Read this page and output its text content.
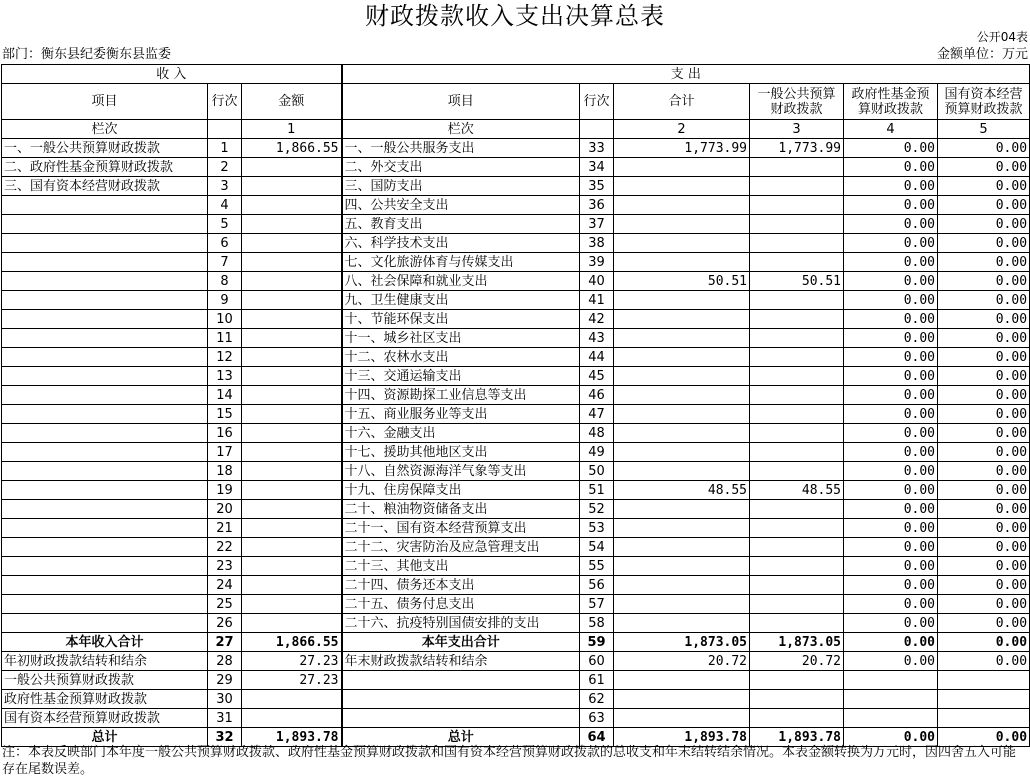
财政拨款收入支出决算总表
公开04表
部门：衡东县纪委衡东县监委	金额单位：万元
收 入			支 出					
项目	行次	金额	项目	行次	合计	一般公共预算财政拨款	政府性基金预算财政拨款	国有资本经营预算财政拨款
栏次		1	栏次		2	3	4	5
一、一般公共预算财政拨款	1	1,866.55	一、一般公共服务支出	33	1,773.99	1,773.99	0.00	0.00
二、政府性基金预算财政拨款	2		二、外交支出	34			0.00	0.00
三、国有资本经营财政拨款	3		三、国防支出	35			0.00	0.00
	4		四、公共安全支出	36			0.00	0.00
	5		五、教育支出	37			0.00	0.00
	6		六、科学技术支出	38			0.00	0.00
	7		七、文化旅游体育与传媒支出	39			0.00	0.00
	8		八、社会保障和就业支出	40	50.51	50.51	0.00	0.00
	9		九、卫生健康支出	41			0.00	0.00
	10		十、节能环保支出	42			0.00	0.00
	11		十一、城乡社区支出	43			0.00	0.00
	12		十二、农林水支出	44			0.00	0.00
	13		十三、交通运输支出	45			0.00	0.00
	14		十四、资源勘探工业信息等支出	46			0.00	0.00
	15		十五、商业服务业等支出	47			0.00	0.00
	16		十六、金融支出	48			0.00	0.00
	17		十七、援助其他地区支出	49			0.00	0.00
	18		十八、自然资源海洋气象等支出	50			0.00	0.00
	19		十九、住房保障支出	51	48.55	48.55	0.00	0.00
	20		二十、粮油物资储备支出	52			0.00	0.00
	21		二十一、国有资本经营预算支出	53			0.00	0.00
	22		二十二、灾害防治及应急管理支出	54			0.00	0.00
	23		二十三、其他支出	55			0.00	0.00
	24		二十四、债务还本支出	56			0.00	0.00
	25		二十五、债务付息支出	57			0.00	0.00
	26		二十六、抗疫特别国债安排的支出	58			0.00	0.00
本年收入合计	27	1,866.55	本年支出合计	59	1,873.05	1,873.05	0.00	0.00
年初财政拨款结转和结余	28	27.23	年末财政拨款结转和结余	60	20.72	20.72	0.00	0.00
一般公共预算财政拨款	29	27.23		61				
政府性基金预算财政拨款	30			62				
国有资本经营预算财政拨款	31			63				
总计	32	1,893.78	总计	64	1,893.78	1,893.78	0.00	0.00
注：本表反映部门本年度一般公共预算财政拨款、政府性基金预算财政拨款和国有资本经营预算财政拨款的总收支和年末结转结余情况。本表金额转换为万元时，因四舍五入可能存在尾数误差。
